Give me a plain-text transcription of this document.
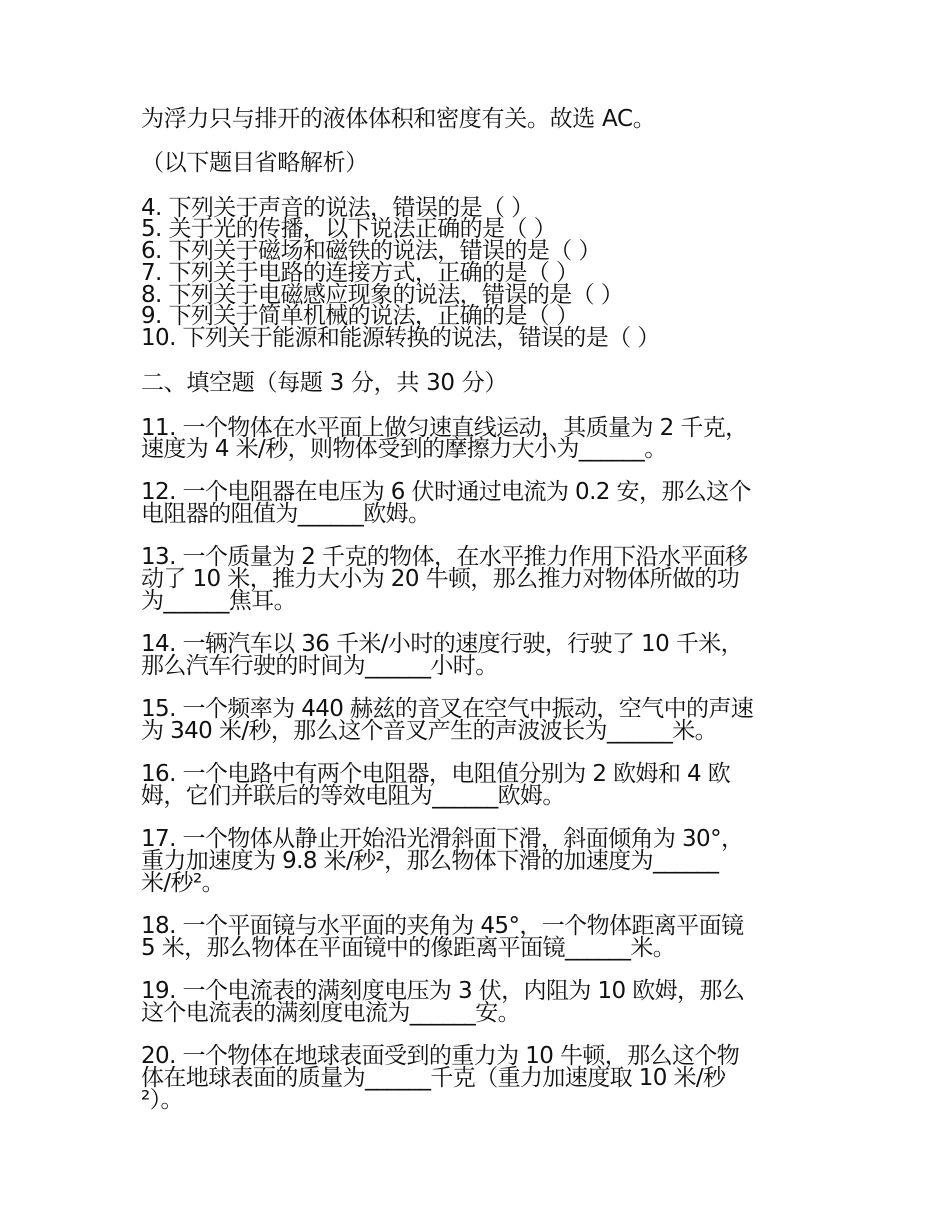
为浮力只与排开的液体体积和密度有关。故选 AC。
（以下题目省略解析）
4. 下列关于声音的说法，错误的是（ ）
5. 关于光的传播，以下说法正确的是（ ）
6. 下列关于磁场和磁铁的说法，错误的是（ ）
7. 下列关于电路的连接方式，正确的是（ ）
8. 下列关于电磁感应现象的说法，错误的是（ ）
9. 下列关于简单机械的说法，正确的是（ ）
10. 下列关于能源和能源转换的说法，错误的是（ ）
二、填空题（每题 3 分，共 30 分）
11. 一个物体在水平面上做匀速直线运动，其质量为 2 千克，
速度为 4 米/秒，则物体受到的摩擦力大小为______。
12. 一个电阻器在电压为 6 伏时通过电流为 0.2 安，那么这个
电阻器的阻值为______欧姆。
13. 一个质量为 2 千克的物体，在水平推力作用下沿水平面移
动了 10 米，推力大小为 20 牛顿，那么推力对物体所做的功
为______焦耳。
14. 一辆汽车以 36 千米/小时的速度行驶，行驶了 10 千米，
那么汽车行驶的时间为______小时。
15. 一个频率为 440 赫兹的音叉在空气中振动，空气中的声速
为 340 米/秒，那么这个音叉产生的声波波长为______米。
16. 一个电路中有两个电阻器，电阻值分别为 2 欧姆和 4 欧
姆，它们并联后的等效电阻为______欧姆。
17. 一个物体从静止开始沿光滑斜面下滑，斜面倾角为 30°，
重力加速度为 9.8 米/秒²，那么物体下滑的加速度为______
米/秒²。
18. 一个平面镜与水平面的夹角为 45°，一个物体距离平面镜
5 米，那么物体在平面镜中的像距离平面镜______米。
19. 一个电流表的满刻度电压为 3 伏，内阻为 10 欧姆，那么
这个电流表的满刻度电流为______安。
20. 一个物体在地球表面受到的重力为 10 牛顿，那么这个物
体在地球表面的质量为______千克（重力加速度取 10 米/秒
²）。
